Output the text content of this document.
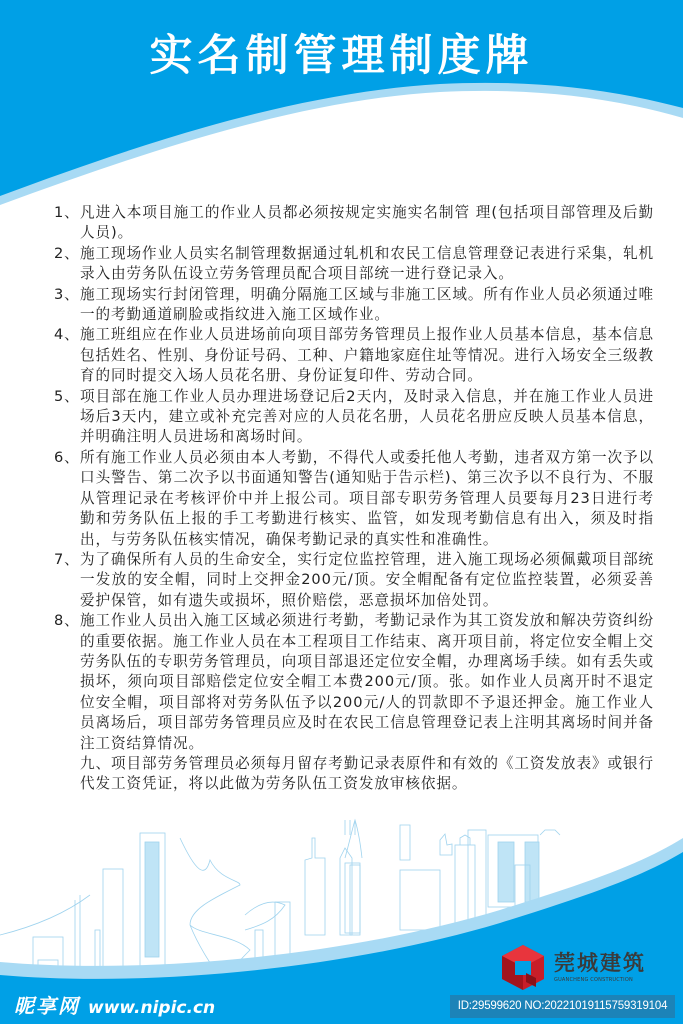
实名制管理制度牌
1、 凡进入本项目施工的作业人员都必须按规定实施实名制管 理(包括项目部管理及后勤人员)。
2、 施工现场作业人员实名制管理数据通过轧机和农民工信息管理登记表进行采集，轧机录入由劳务队伍设立劳务管理员配合项目部统一进行登记录入。
3、 施工现场实行封闭管理，明确分隔施工区域与非施工区域。所有作业人员必须通过唯一的考勤通道刷脸或指纹进入施工区域作业。
4、 施工班组应在作业人员进场前向项目部劳务管理员上报作业人员基本信息，基本信息包括姓名、性别、身份证号码、工种、户籍地家庭住址等情况。进行入场安全三级教育的同时提交入场人员花名册、身份证复印件、劳动合同。
5、 项目部在施工作业人员办理进场登记后2天内，及时录入信息，并在施工作业人员进场后3天内，建立或补充完善对应的人员花名册，人员花名册应反映人员基本信息，并明确注明人员进场和离场时间。
6、 所有施工作业人员必须由本人考勤，不得代人或委托他人考勤，违者双方第一次予以口头警告、第二次予以书面通知警告(通知贴于告示栏)、第三次予以不良行为、不服从管理记录在考核评价中并上报公司。项目部专职劳务管理人员要每月23日进行考勤和劳务队伍上报的手工考勤进行核实、监管，如发现考勤信息有出入，须及时指出，与劳务队伍核实情况，确保考勤记录的真实性和准确性。
7、 为了确保所有人员的生命安全，实行定位监控管理，进入施工现场必须佩戴项目部统一发放的安全帽，同时上交押金200元/顶。安全帽配备有定位监控装置，必须妥善爱护保管，如有遗失或损坏，照价赔偿，恶意损坏加倍处罚。
8、 施工作业人员出入施工区域必须进行考勤，考勤记录作为其工资发放和解决劳资纠纷的重要依据。施工作业人员在本工程项目工作结束、离开项目前，将定位安全帽上交劳务队伍的专职劳务管理员，向项目部退还定位安全帽，办理离场手续。如有丢失或损坏，须向项目部赔偿定位安全帽工本费200元/顶。张。如作业人员离开时不退定位安全帽，项目部将对劳务队伍予以200元/人的罚款即不予退还押金。施工作业人员离场后，项目部劳务管理员应及时在农民工信息管理登记表上注明其离场时间并备注工资结算情况。
九、项目部劳务管理员必须每月留存考勤记录表原件和有效的《工资发放表》或银行代发工资凭证，将以此做为劳务队伍工资发放审核依据。
莞城建筑
GUANCHENG CONSTRUCTION
昵享网 www.nipic.cn	ID:29599620 NO:20221019115759319104
